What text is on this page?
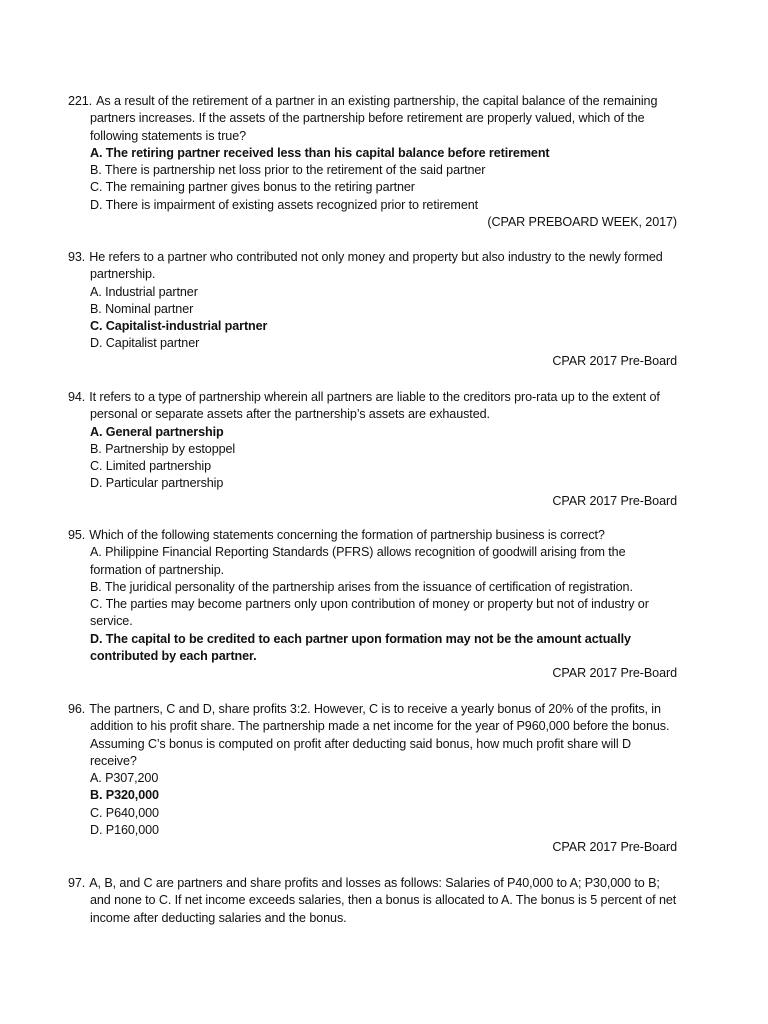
221. As a result of the retirement of a partner in an existing partnership, the capital balance of the remaining partners increases. If the assets of the partnership before retirement are properly valued, which of the following statements is true?

A. The retiring partner received less than his capital balance before retirement
B. There is partnership net loss prior to the retirement of the said partner
C. The remaining partner gives bonus to the retiring partner
D. There is impairment of existing assets recognized prior to retirement

(CPAR PREBOARD WEEK, 2017)

93. He refers to a partner who contributed not only money and property but also industry to the newly formed partnership.

A. Industrial partner
B. Nominal partner
C. Capitalist-industrial partner
D. Capitalist partner

CPAR 2017 Pre-Board

94. It refers to a type of partnership wherein all partners are liable to the creditors pro-rata up to the extent of personal or separate assets after the partnership’s assets are exhausted.

A. General partnership
B. Partnership by estoppel
C. Limited partnership
D. Particular partnership

CPAR 2017 Pre-Board

95. Which of the following statements concerning the formation of partnership business is correct?

A. Philippine Financial Reporting Standards (PFRS) allows recognition of goodwill arising from the formation of partnership.
B. The juridical personality of the partnership arises from the issuance of certification of registration.
C. The parties may become partners only upon contribution of money or property but not of industry or service.
D. The capital to be credited to each partner upon formation may not be the amount actually contributed by each partner.

CPAR 2017 Pre-Board

96. The partners, C and D, share profits 3:2. However, C is to receive a yearly bonus of 20% of the profits, in addition to his profit share. The partnership made a net income for the year of P960,000 before the bonus. Assuming C’s bonus is computed on profit after deducting said bonus, how much profit share will D receive?

A. P307,200
B. P320,000
C. P640,000
D. P160,000

CPAR 2017 Pre-Board

97. A, B, and C are partners and share profits and losses as follows: Salaries of P40,000 to A; P30,000 to B; and none to C. If net income exceeds salaries, then a bonus is allocated to A. The bonus is 5 percent of net income after deducting salaries and the bonus.
